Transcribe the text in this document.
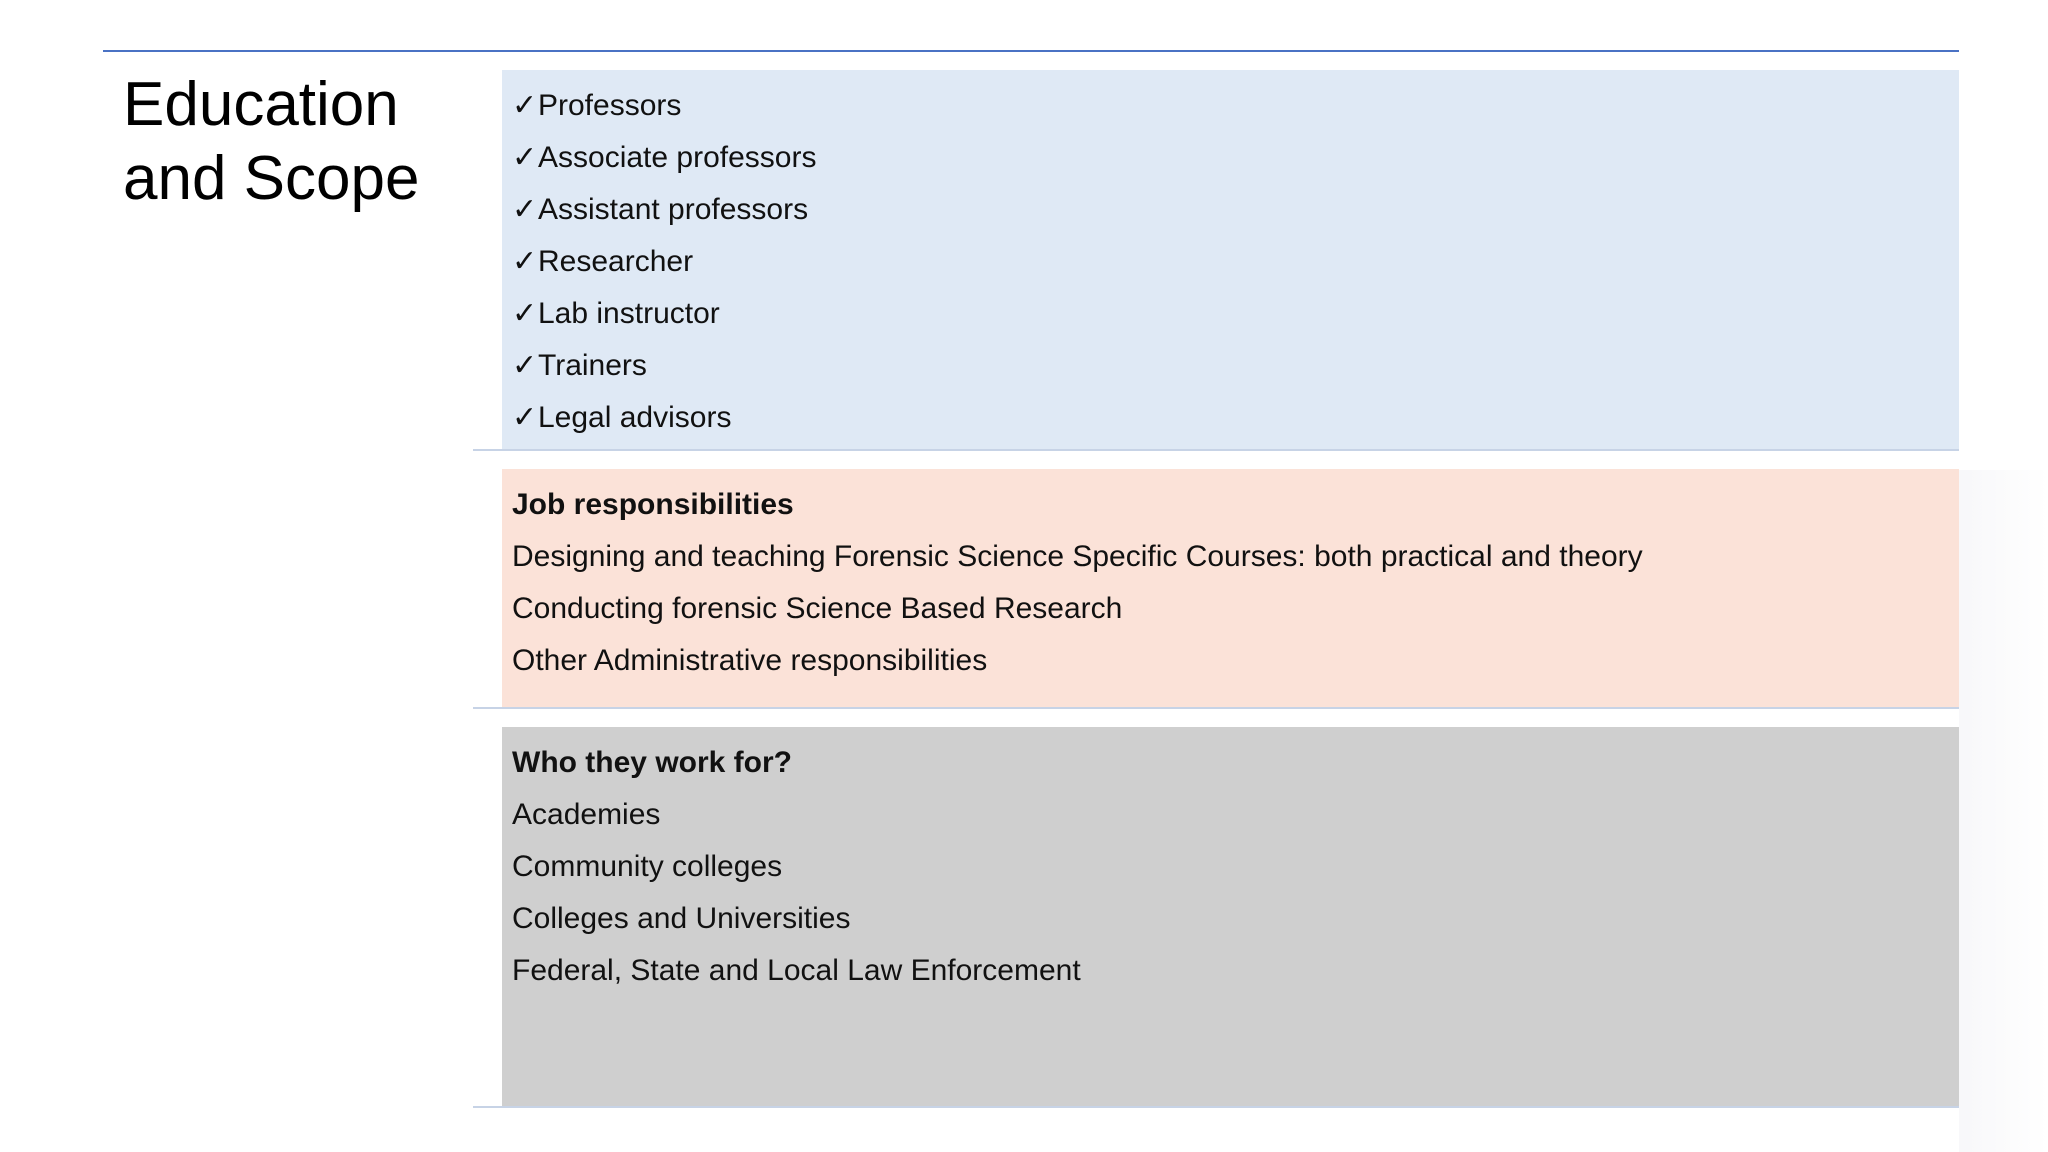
Education
and Scope
✓Professors
✓Associate professors
✓Assistant professors
✓Researcher
✓Lab instructor
✓Trainers
✓Legal advisors
Job responsibilities
Designing and teaching Forensic Science Specific Courses: both practical and theory
Conducting forensic Science Based Research
Other Administrative responsibilities
Who they work for?
Academies
Community colleges
Colleges and Universities
Federal, State and Local Law Enforcement
